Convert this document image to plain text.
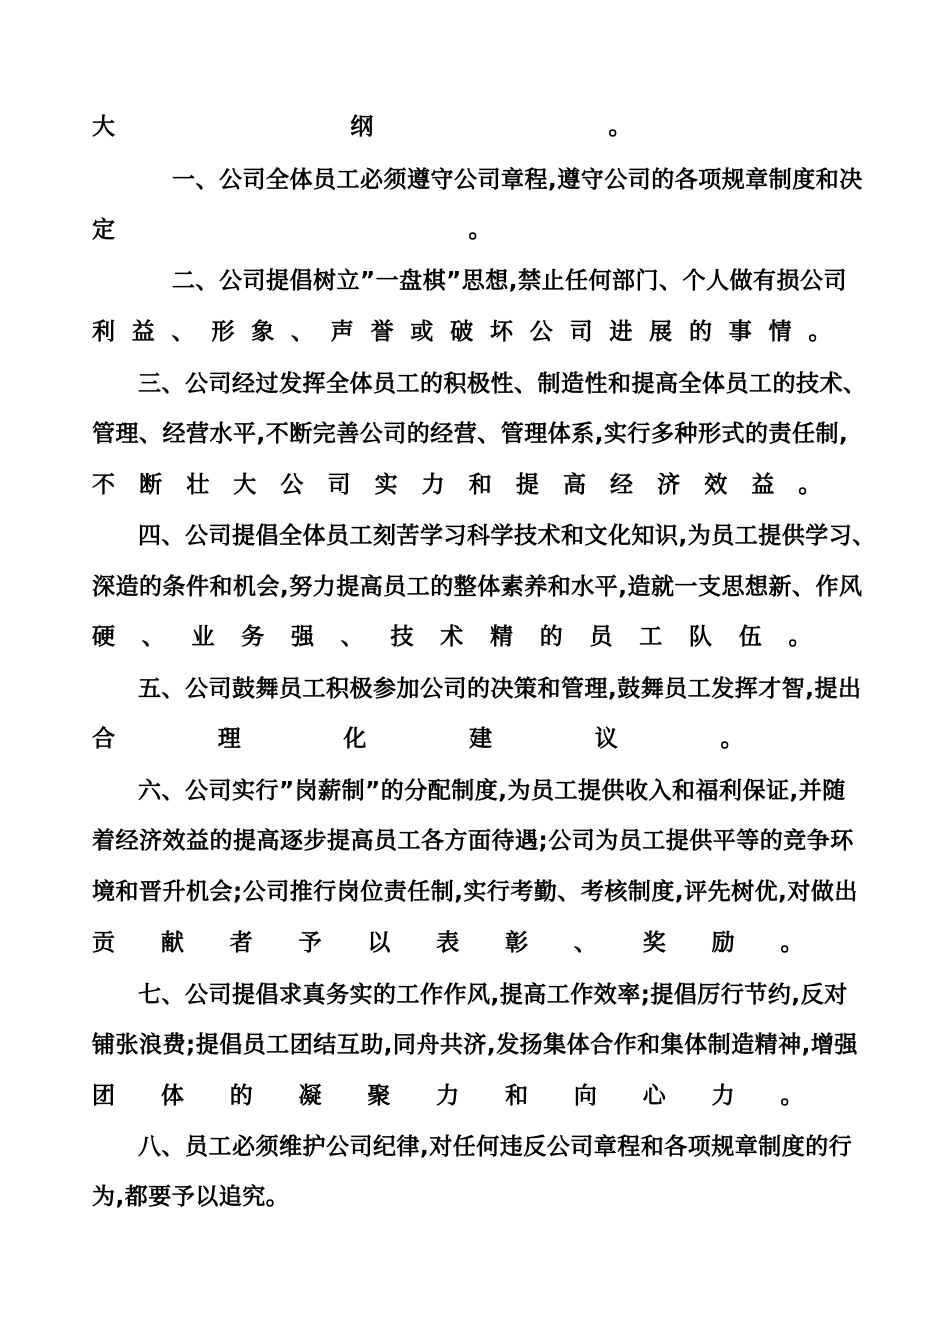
大	纲	。
一、公司全体员工必须遵守公司章程,遵守公司的各项规章制度和决
定	。
二、公司提倡树立”一盘棋”思想,禁止任何部门、个人做有损公司
利 益 、 形 象 、 声 誉 或 破 坏 公 司 进 展 的 事 情 。
三、公司经过发挥全体员工的积极性、制造性和提高全体员工的技术、
管理、经营水平,不断完善公司的经营、管理体系,实行多种形式的责任制,
不 断 壮 大 公 司 实 力 和 提 高 经 济 效 益 。
四、公司提倡全体员工刻苦学习科学技术和文化知识,为员工提供学习、
深造的条件和机会,努力提高员工的整体素养和水平,造就一支思想新、作风
硬 、 业 务 强 、 技 术 精 的 员 工 队 伍 。
五、公司鼓舞员工积极参加公司的决策和管理,鼓舞员工发挥才智,提出
合	理	化	建	议	。
六、公司实行”岗薪制”的分配制度,为员工提供收入和福利保证,并随
着经济效益的提高逐步提高员工各方面待遇;公司为员工提供平等的竞争环
境和晋升机会;公司推行岗位责任制,实行考勤、考核制度,评先树优,对做出
贡 献 者 予 以 表 彰 、 奖 励 。
七、公司提倡求真务实的工作作风,提高工作效率;提倡厉行节约,反对
铺张浪费;提倡员工团结互助,同舟共济,发扬集体合作和集体制造精神,增强
团 体 的 凝 聚 力 和 向 心 力 。
八、员工必须维护公司纪律,对任何违反公司章程和各项规章制度的行
为,都要予以追究。
